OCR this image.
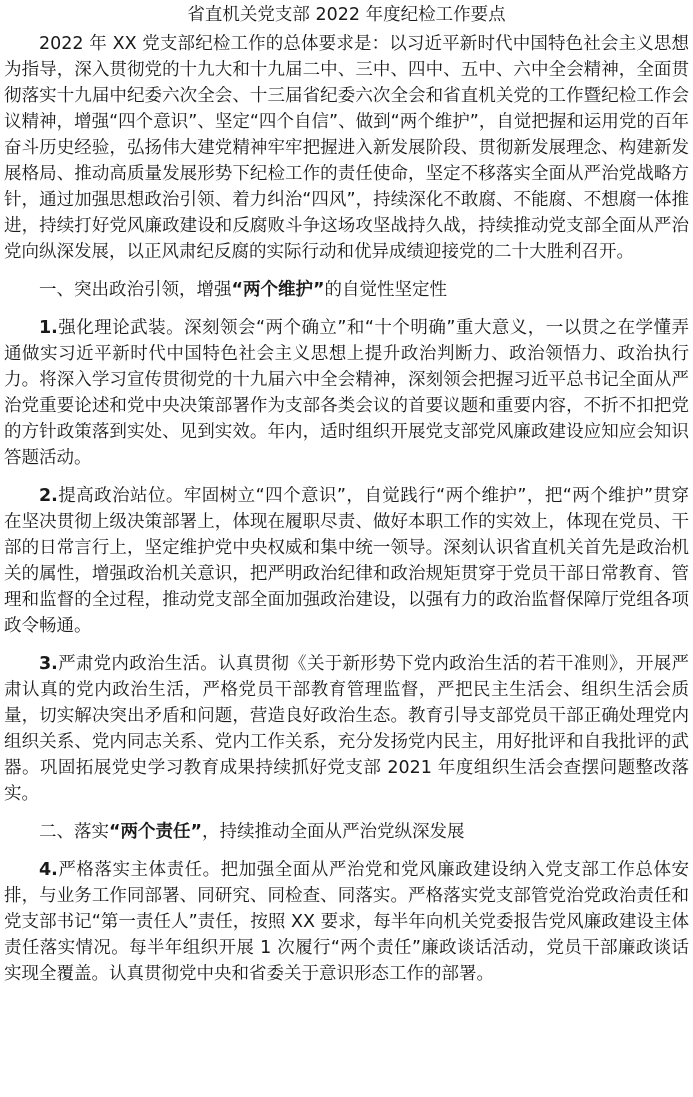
省直机关党支部 2022 年度纪检工作要点

2022 年 XX 党支部纪检工作的总体要求是：以习近平新时代中国特色社会主义思想为指导，深入贯彻党的十九大和十九届二中、三中、四中、五中、六中全会精神，全面贯彻落实十九届中纪委六次全会、十三届省纪委六次全会和省直机关党的工作暨纪检工作会议精神，增强“四个意识”、坚定“四个自信”、做到“两个维护”，自觉把握和运用党的百年奋斗历史经验，弘扬伟大建党精神牢牢把握进入新发展阶段、贯彻新发展理念、构建新发展格局、推动高质量发展形势下纪检工作的责任使命，坚定不移落实全面从严治党战略方针，通过加强思想政治引领、着力纠治“四风”，持续深化不敢腐、不能腐、不想腐一体推进，持续打好党风廉政建设和反腐败斗争这场攻坚战持久战，持续推动党支部全面从严治党向纵深发展，以正风肃纪反腐的实际行动和优异成绩迎接党的二十大胜利召开。

一、突出政治引领，增强“两个维护”的自觉性坚定性

1.强化理论武装。深刻领会“两个确立”和“十个明确”重大意义，一以贯之在学懂弄通做实习近平新时代中国特色社会主义思想上提升政治判断力、政治领悟力、政治执行力。将深入学习宣传贯彻党的十九届六中全会精神，深刻领会把握习近平总书记全面从严治党重要论述和党中央决策部署作为支部各类会议的首要议题和重要内容，不折不扣把党的方针政策落到实处、见到实效。年内，适时组织开展党支部党风廉政建设应知应会知识答题活动。

2.提高政治站位。牢固树立“四个意识”，自觉践行“两个维护”，把“两个维护”贯穿在坚决贯彻上级决策部署上，体现在履职尽责、做好本职工作的实效上，体现在党员、干部的日常言行上，坚定维护党中央权威和集中统一领导。深刻认识省直机关首先是政治机关的属性，增强政治机关意识，把严明政治纪律和政治规矩贯穿于党员干部日常教育、管理和监督的全过程，推动党支部全面加强政治建设，以强有力的政治监督保障厅党组各项政令畅通。

3.严肃党内政治生活。认真贯彻《关于新形势下党内政治生活的若干准则》，开展严肃认真的党内政治生活，严格党员干部教育管理监督，严把民主生活会、组织生活会质量，切实解决突出矛盾和问题，营造良好政治生态。教育引导支部党员干部正确处理党内组织关系、党内同志关系、党内工作关系，充分发扬党内民主，用好批评和自我批评的武器。巩固拓展党史学习教育成果持续抓好党支部 2021 年度组织生活会查摆问题整改落实。

二、落实“两个责任”，持续推动全面从严治党纵深发展

4.严格落实主体责任。把加强全面从严治党和党风廉政建设纳入党支部工作总体安排，与业务工作同部署、同研究、同检查、同落实。严格落实党支部管党治党政治责任和党支部书记“第一责任人”责任，按照 XX 要求，每半年向机关党委报告党风廉政建设主体责任落实情况。每半年组织开展 1 次履行“两个责任”廉政谈话活动，党员干部廉政谈话实现全覆盖。认真贯彻党中央和省委关于意识形态工作的部署。
